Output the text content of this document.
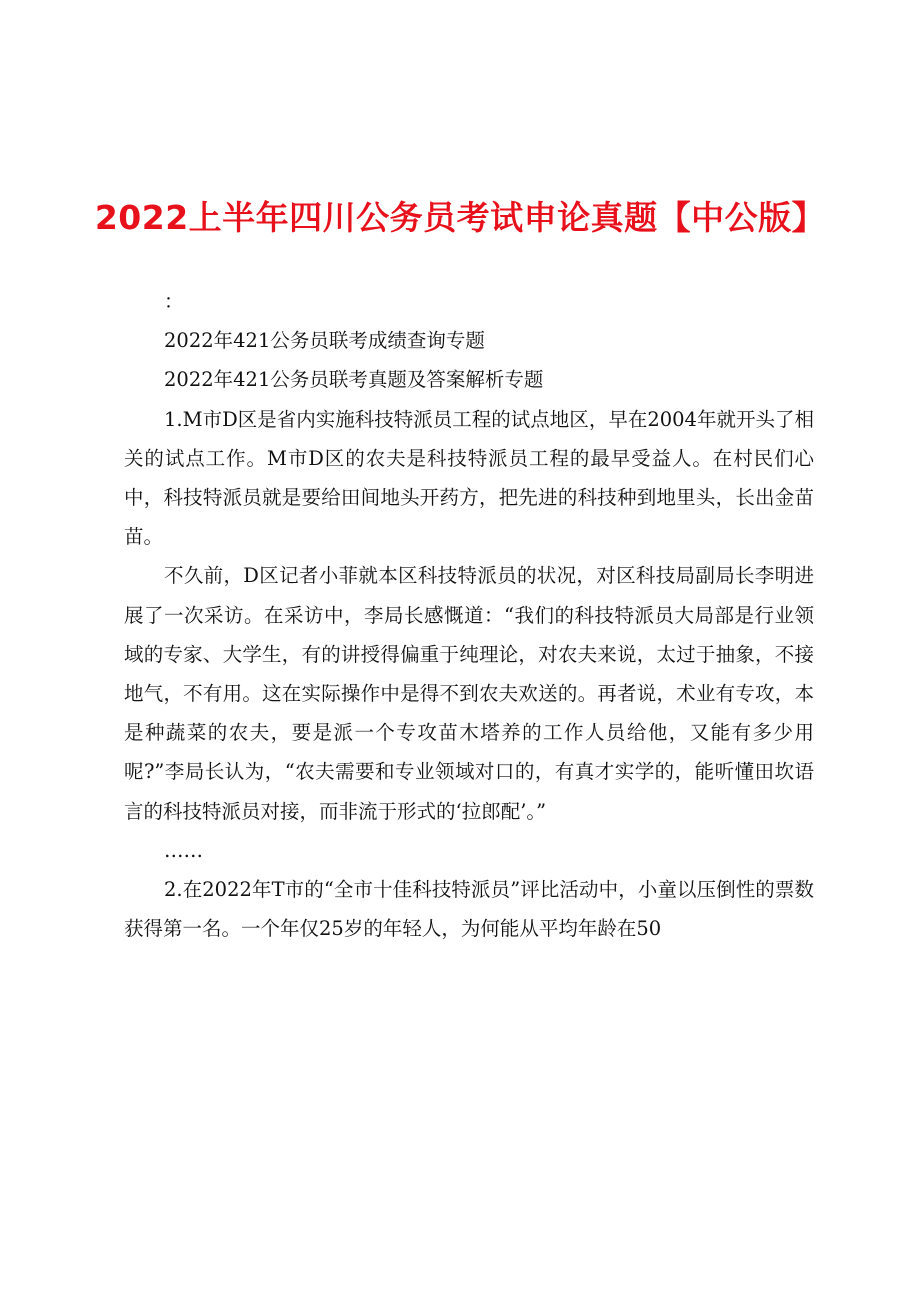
2022上半年四川公务员考试申论真题【中公版】

：

2022年421公务员联考成绩查询专题

2022年421公务员联考真题及答案解析专题

1.M市D区是省内实施科技特派员工程的试点地区，早在2004年就开头了相关的试点工作。M市D区的农夫是科技特派员工程的最早受益人。在村民们心中，科技特派员就是要给田间地头开药方，把先进的科技种到地里头，长出金苗苗。

不久前，D区记者小菲就本区科技特派员的状况，对区科技局副局长李明进展了一次采访。在采访中，李局长感慨道：“我们的科技特派员大局部是行业领域的专家、大学生，有的讲授得偏重于纯理论，对农夫来说，太过于抽象，不接地气，不有用。这在实际操作中是得不到农夫欢送的。再者说，术业有专攻，本是种蔬菜的农夫，要是派一个专攻苗木塔养的工作人员给他，又能有多少用呢?”李局长认为，“农夫需要和专业领域对口的，有真才实学的，能听懂田坎语言的科技特派员对接，而非流于形式的‘拉郎配’。”

……

2.在2022年T市的“全市十佳科技特派员”评比活动中，小童以压倒性的票数获得第一名。一个年仅25岁的年轻人，为何能从平均年龄在50
